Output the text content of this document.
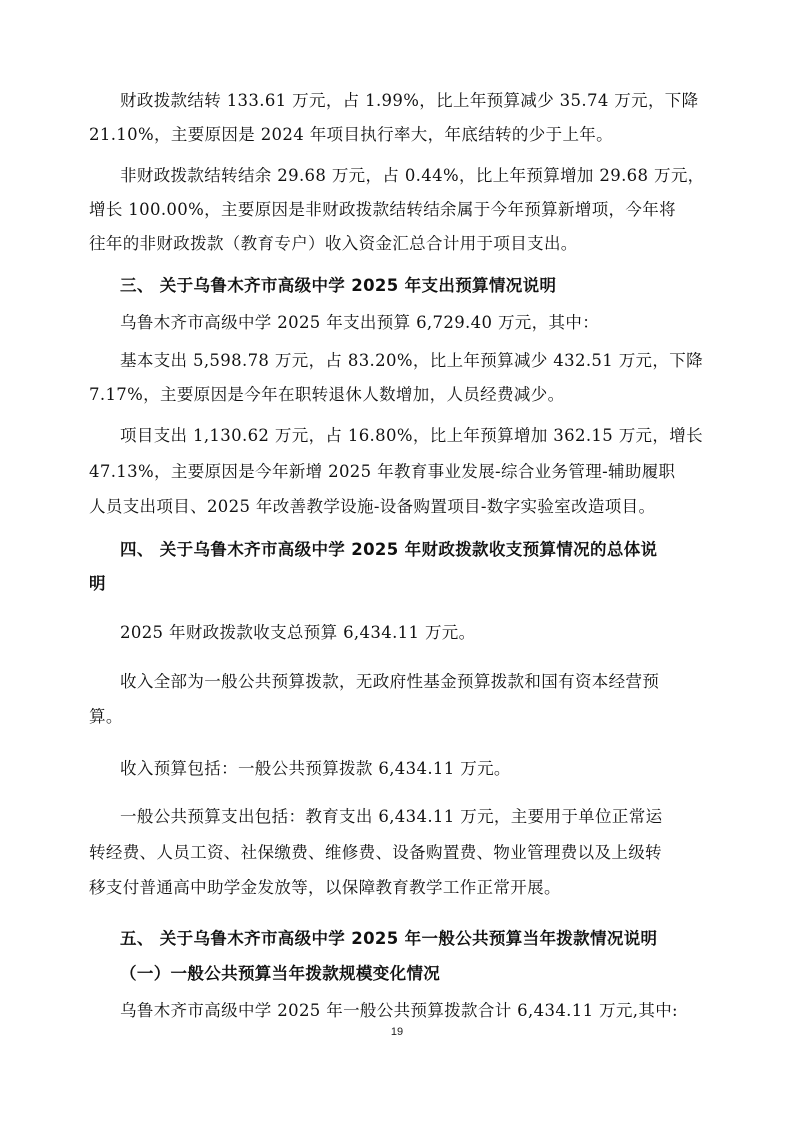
财政拨款结转 133.61 万元，占 1.99%，比上年预算减少 35.74 万元，下降
21.10%，主要原因是 2024 年项目执行率大，年底结转的少于上年。
非财政拨款结转结余 29.68 万元，占 0.44%，比上年预算增加 29.68 万元，
增长 100.00%，主要原因是非财政拨款结转结余属于今年预算新增项，今年将
往年的非财政拨款（教育专户）收入资金汇总合计用于项目支出。
三、 关于乌鲁木齐市高级中学 2025 年支出预算情况说明
乌鲁木齐市高级中学 2025 年支出预算 6,729.40 万元，其中：
基本支出 5,598.78 万元，占 83.20%，比上年预算减少 432.51 万元，下降
7.17%，主要原因是今年在职转退休人数增加，人员经费减少。
项目支出 1,130.62 万元，占 16.80%，比上年预算增加 362.15 万元，增长
47.13%，主要原因是今年新增 2025 年教育事业发展-综合业务管理-辅助履职
人员支出项目、2025 年改善教学设施-设备购置项目-数字实验室改造项目。
四、 关于乌鲁木齐市高级中学 2025 年财政拨款收支预算情况的总体说
明
2025 年财政拨款收支总预算 6,434.11 万元。
收入全部为一般公共预算拨款，无政府性基金预算拨款和国有资本经营预
算。
收入预算包括：一般公共预算拨款 6,434.11 万元。
一般公共预算支出包括：教育支出 6,434.11 万元，主要用于单位正常运
转经费、人员工资、社保缴费、维修费、设备购置费、物业管理费以及上级转
移支付普通高中助学金发放等，以保障教育教学工作正常开展。
五、 关于乌鲁木齐市高级中学 2025 年一般公共预算当年拨款情况说明
（一）一般公共预算当年拨款规模变化情况
乌鲁木齐市高级中学 2025 年一般公共预算拨款合计 6,434.11 万元,其中:
19
